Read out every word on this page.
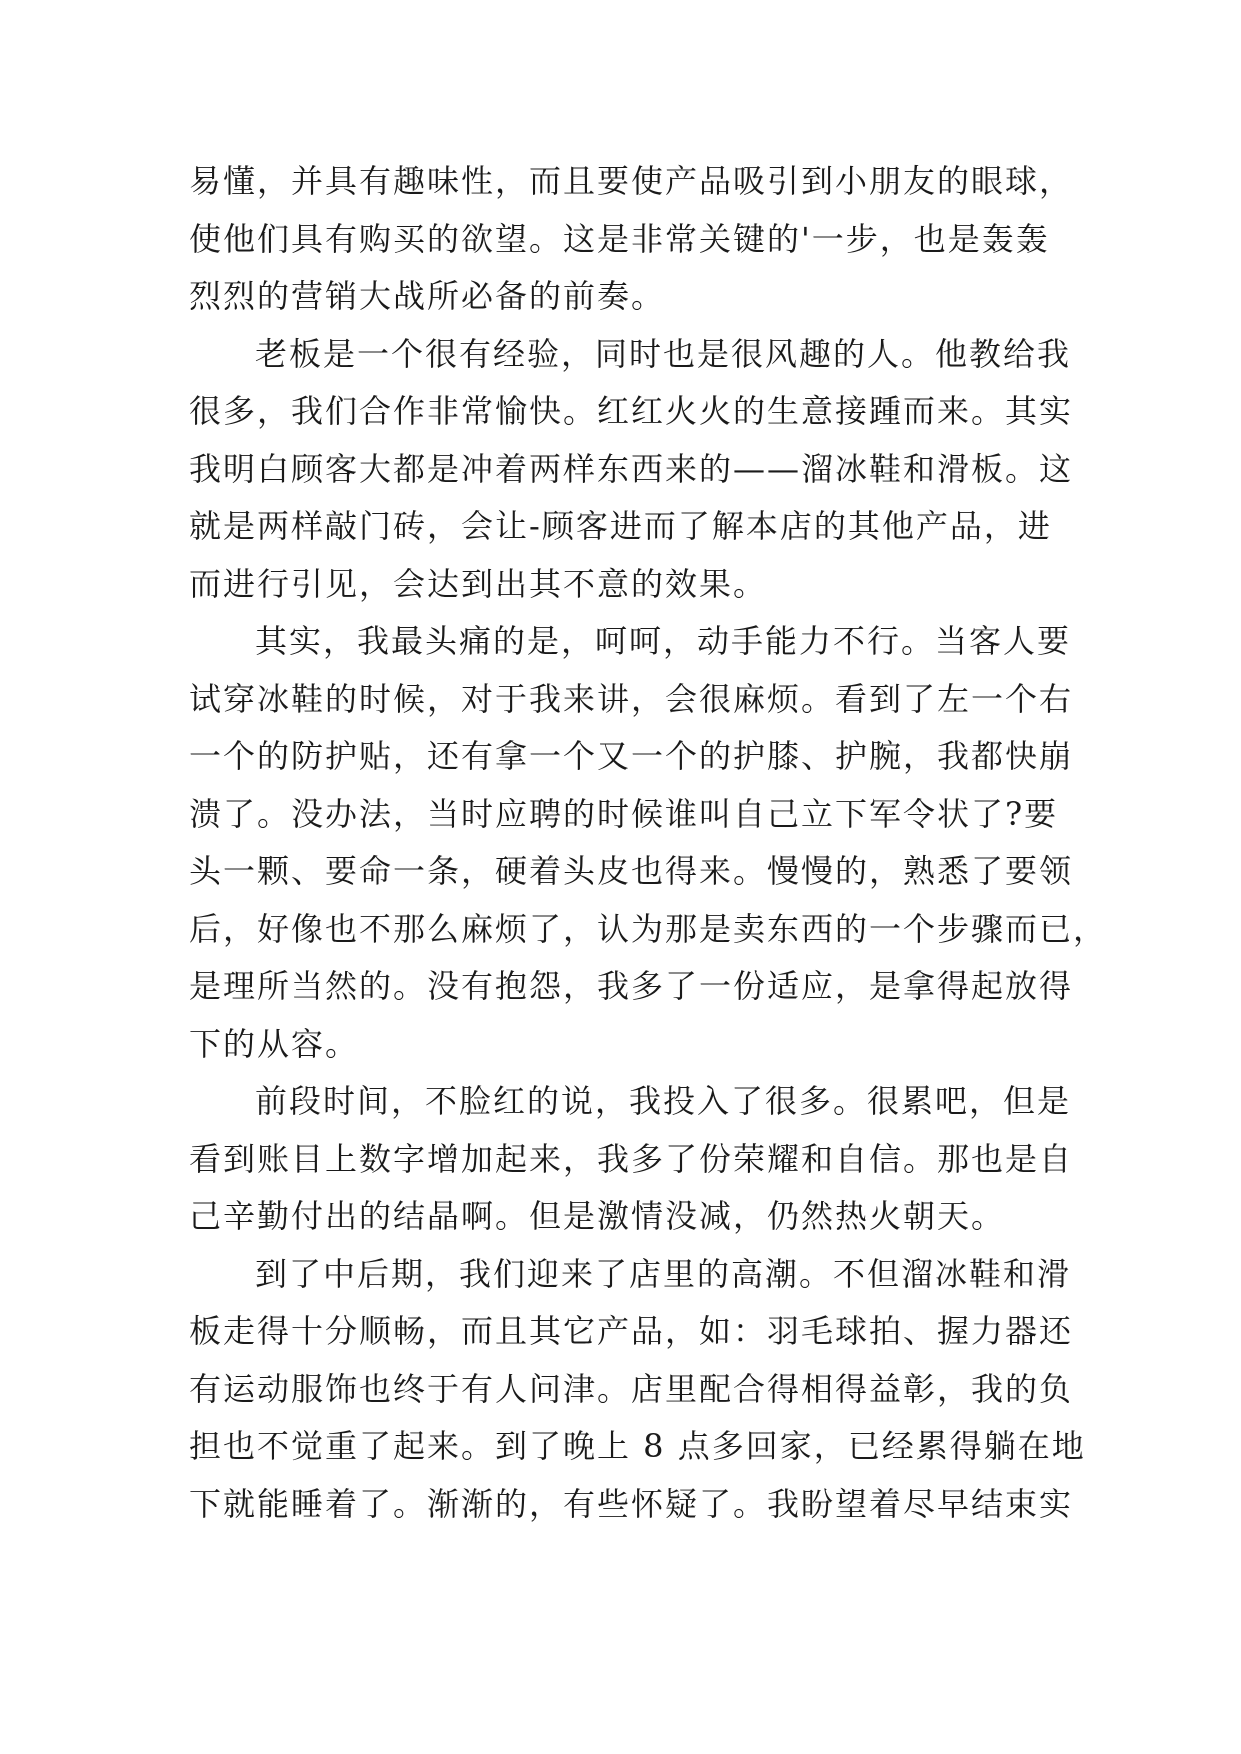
易懂，并具有趣味性，而且要使产品吸引到小朋友的眼球，
使他们具有购买的欲望。这是非常关键的'一步，也是轰轰
烈烈的营销大战所必备的前奏。

老板是一个很有经验，同时也是很风趣的人。他教给我
很多，我们合作非常愉快。红红火火的生意接踵而来。其实
我明白顾客大都是冲着两样东西来的——溜冰鞋和滑板。这
就是两样敲门砖，会让-顾客进而了解本店的其他产品，进
而进行引见，会达到出其不意的效果。

其实，我最头痛的是，呵呵，动手能力不行。当客人要
试穿冰鞋的时候，对于我来讲，会很麻烦。看到了左一个右
一个的防护贴，还有拿一个又一个的护膝、护腕，我都快崩
溃了。没办法，当时应聘的时候谁叫自己立下军令状了?要
头一颗、要命一条，硬着头皮也得来。慢慢的，熟悉了要领
后，好像也不那么麻烦了，认为那是卖东西的一个步骤而已，
是理所当然的。没有抱怨，我多了一份适应，是拿得起放得
下的从容。

前段时间，不脸红的说，我投入了很多。很累吧，但是
看到账目上数字增加起来，我多了份荣耀和自信。那也是自
己辛勤付出的结晶啊。但是激情没减，仍然热火朝天。

到了中后期，我们迎来了店里的高潮。不但溜冰鞋和滑
板走得十分顺畅，而且其它产品，如：羽毛球拍、握力器还
有运动服饰也终于有人问津。店里配合得相得益彰，我的负
担也不觉重了起来。到了晚上 8 点多回家，已经累得躺在地
下就能睡着了。渐渐的，有些怀疑了。我盼望着尽早结束实
